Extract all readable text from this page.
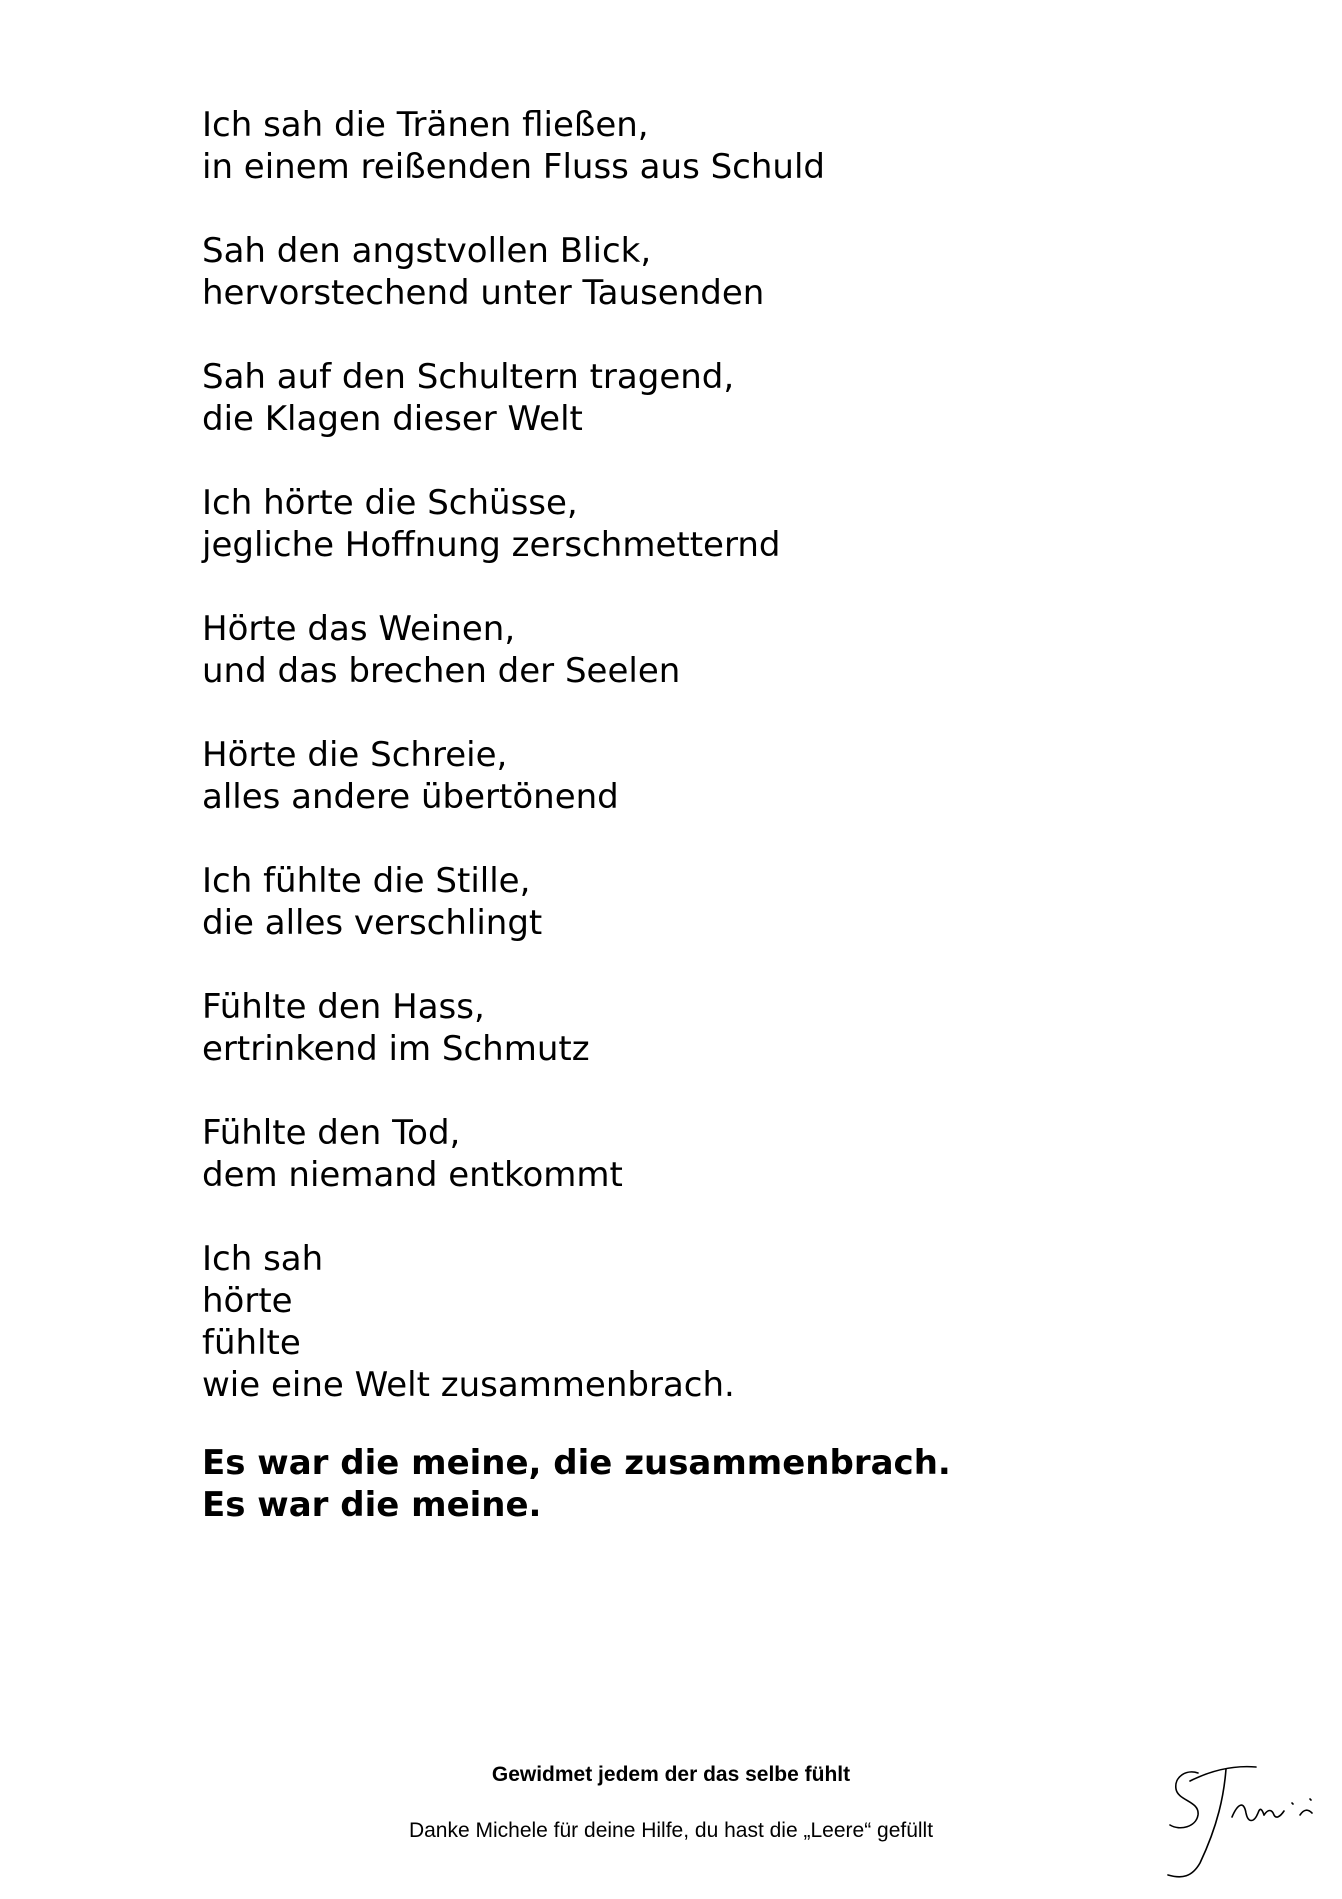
Ich sah die Tränen fließen,
in einem reißenden Fluss aus Schuld
Sah den angstvollen Blick,
hervorstechend unter Tausenden
Sah auf den Schultern tragend,
die Klagen dieser Welt
Ich hörte die Schüsse,
jegliche Hoffnung zerschmetternd
Hörte das Weinen,
und das brechen der Seelen
Hörte die Schreie,
alles andere übertönend
Ich fühlte die Stille,
die alles verschlingt
Fühlte den Hass,
ertrinkend im Schmutz
Fühlte den Tod,
dem niemand entkommt
Ich sah
hörte
fühlte
wie eine Welt zusammenbrach.
Es war die meine, die zusammenbrach.
Es war die meine.
Gewidmet jedem der das selbe fühlt
Danke Michele für deine Hilfe, du hast die „Leere“ gefüllt
